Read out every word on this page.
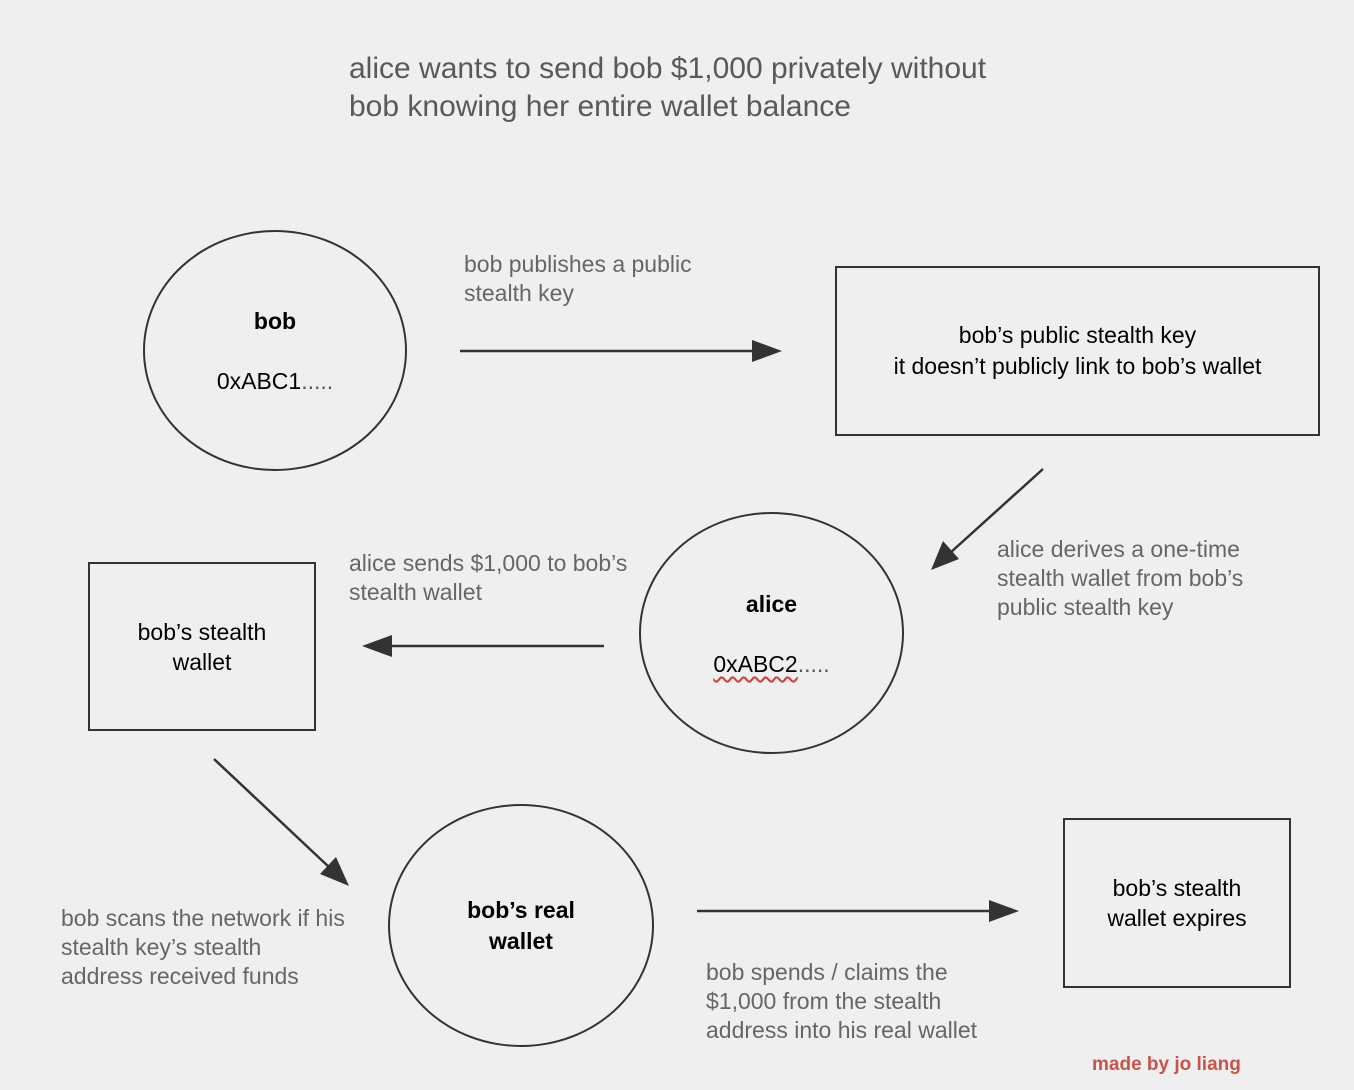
alice wants to send bob $1,000 privately without
bob knowing her entire wallet balance
bob
0xABC1.....
bob’s public stealth key
it doesn’t publicly link to bob’s wallet
alice
0xABC2.....
bob’s stealth
wallet
bob’s real
wallet
bob’s stealth
wallet expires
bob publishes a public
stealth key
alice derives a one-time
stealth wallet from bob’s
public stealth key
alice sends $1,000 to bob’s
stealth wallet
bob scans the network if his
stealth key’s stealth
address received funds	bob spends / claims the
$1,000 from the stealth
address into his real wallet
made by jo liang
